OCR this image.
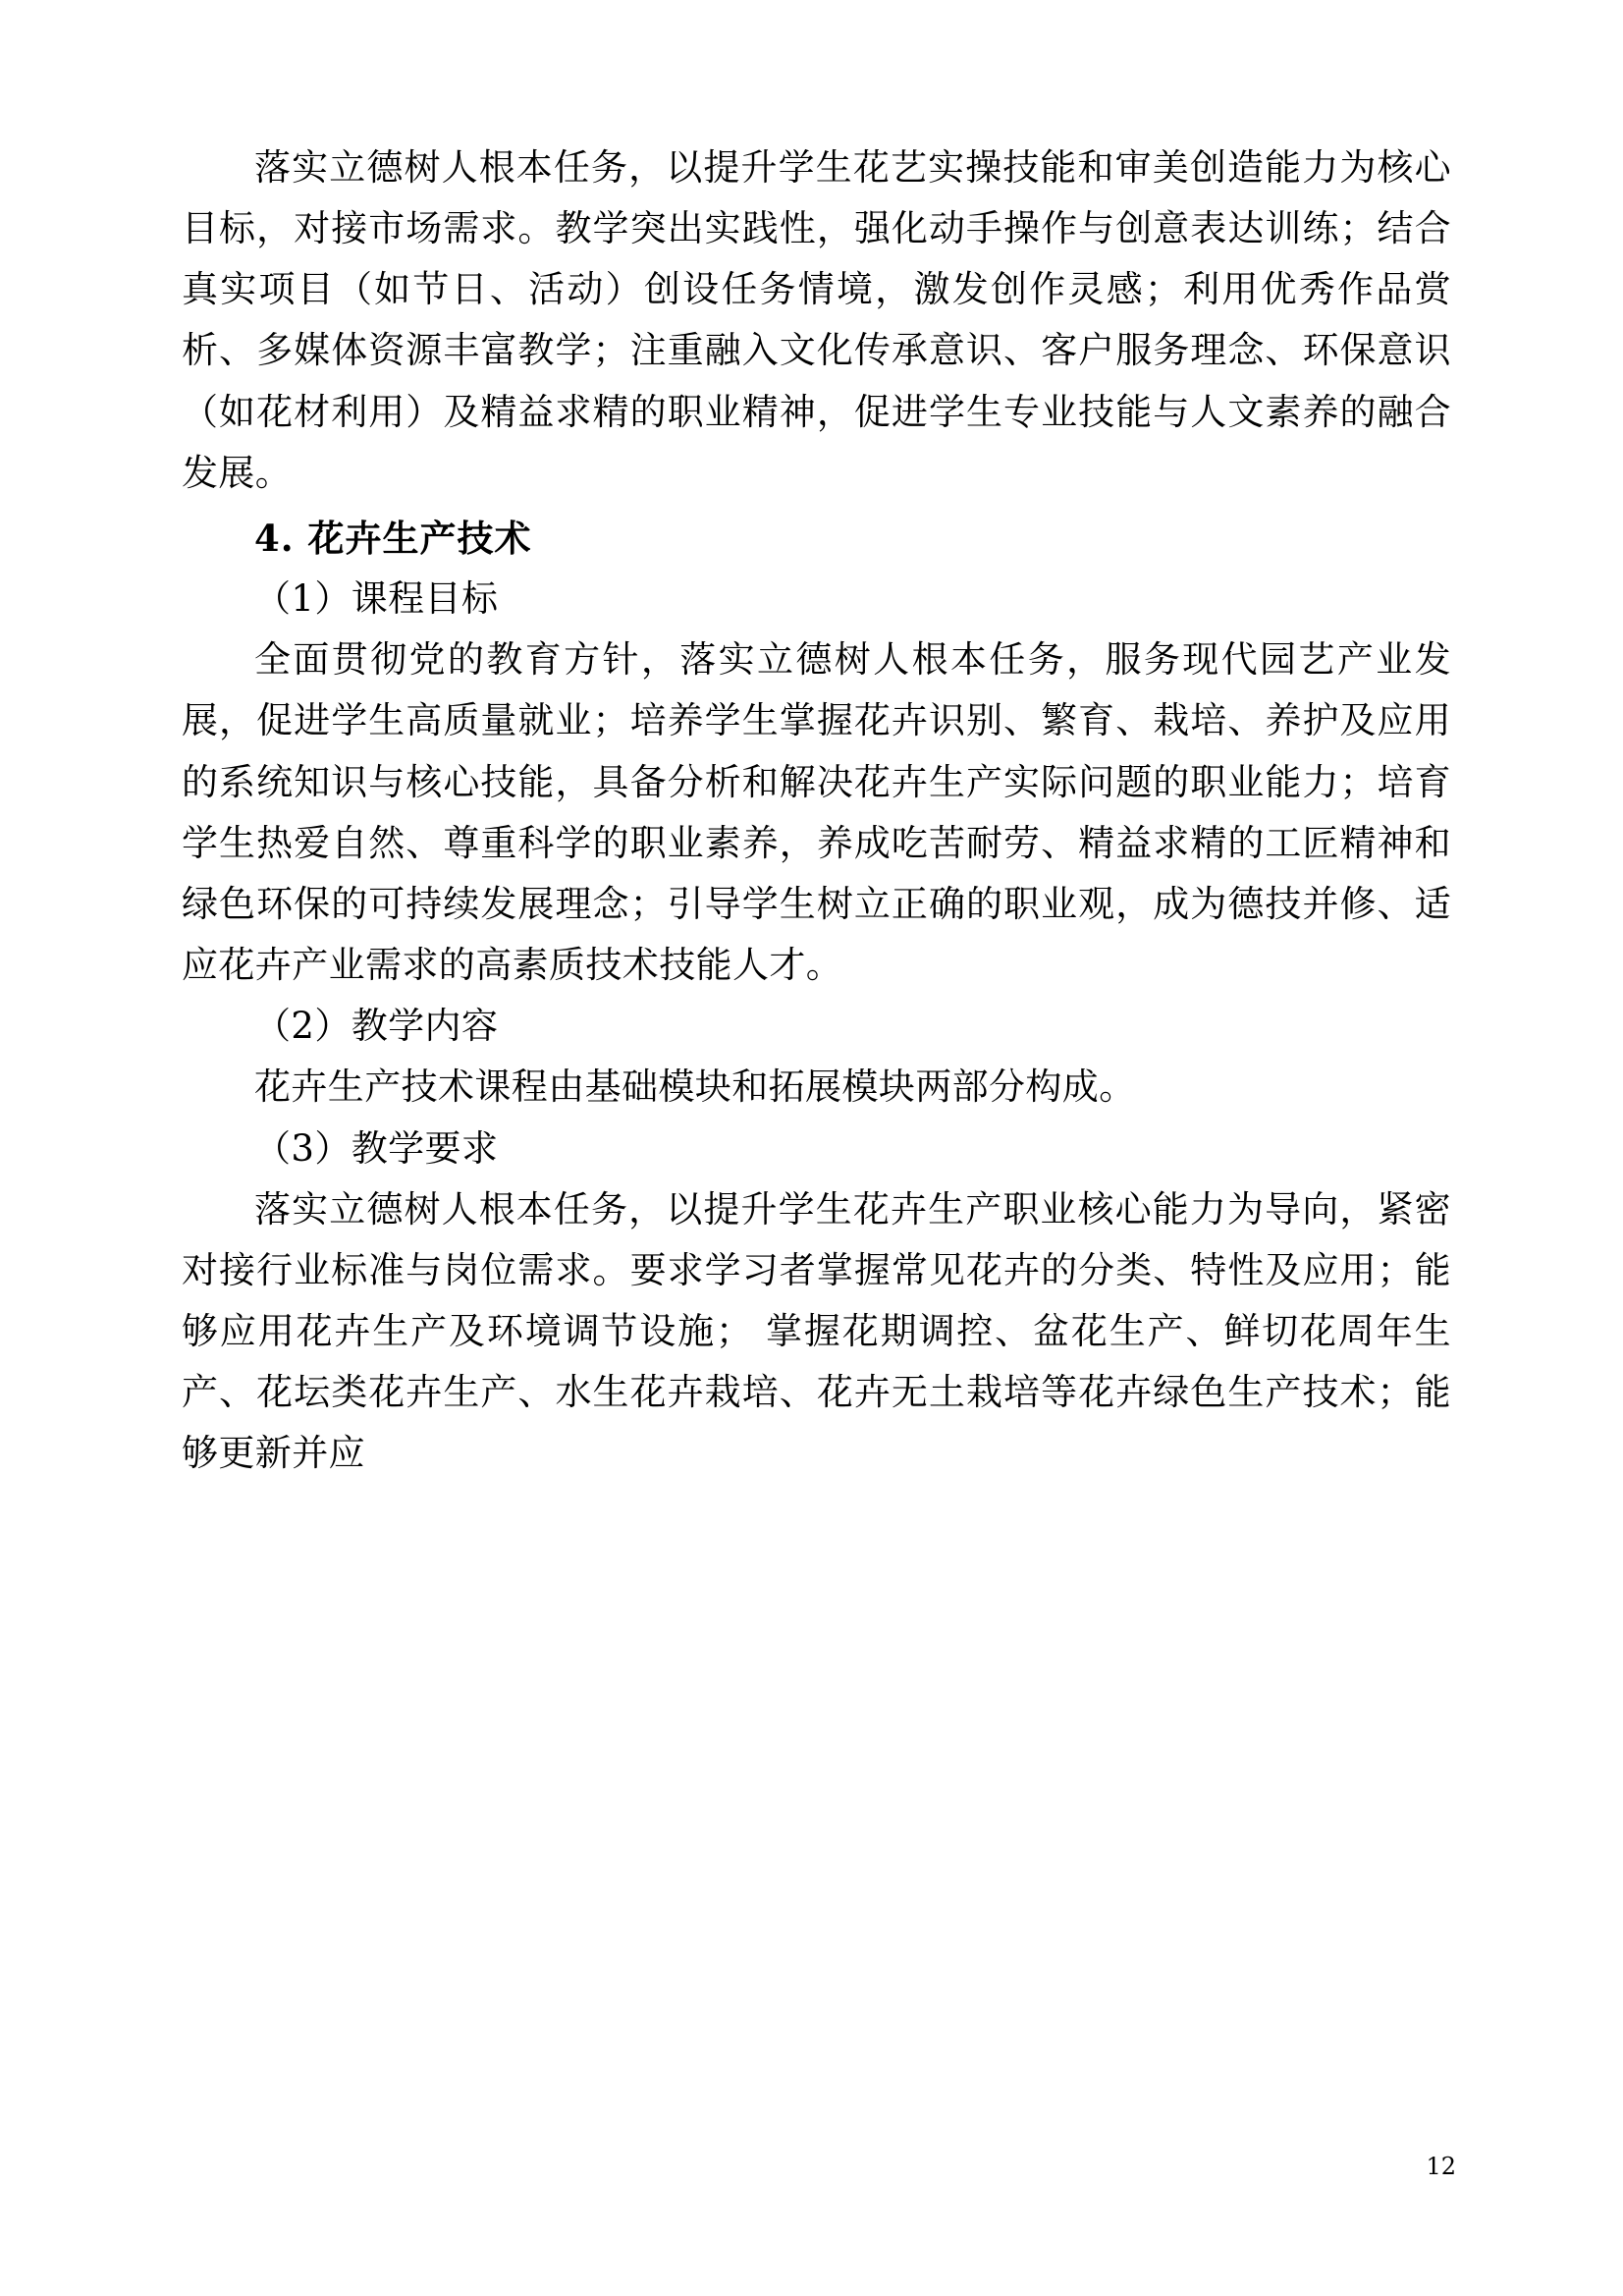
落实立德树人根本任务，以提升学生花艺实操技能和审美创造能力为核心目标，对接市场需求。教学突出实践性，强化动手操作与创意表达训练；结合真实项目（如节日、活动）创设任务情境，激发创作灵感；利用优秀作品赏析、多媒体资源丰富教学；注重融入文化传承意识、客户服务理念、环保意识（如花材利用）及精益求精的职业精神，促进学生专业技能与人文素养的融合发展。

4. 花卉生产技术

（1）课程目标

全面贯彻党的教育方针，落实立德树人根本任务，服务现代园艺产业发展，促进学生高质量就业；培养学生掌握花卉识别、繁育、栽培、养护及应用的系统知识与核心技能，具备分析和解决花卉生产实际问题的职业能力；培育学生热爱自然、尊重科学的职业素养，养成吃苦耐劳、精益求精的工匠精神和绿色环保的可持续发展理念；引导学生树立正确的职业观，成为德技并修、适应花卉产业需求的高素质技术技能人才。

（2）教学内容

花卉生产技术课程由基础模块和拓展模块两部分构成。

（3）教学要求

落实立德树人根本任务，以提升学生花卉生产职业核心能力为导向，紧密对接行业标准与岗位需求。要求学习者掌握常见花卉的分类、特性及应用；能够应用花卉生产及环境调节设施； 掌握花期调控、盆花生产、鲜切花周年生产、花坛类花卉生产、水生花卉栽培、花卉无土栽培等花卉绿色生产技术；能够更新并应

12
